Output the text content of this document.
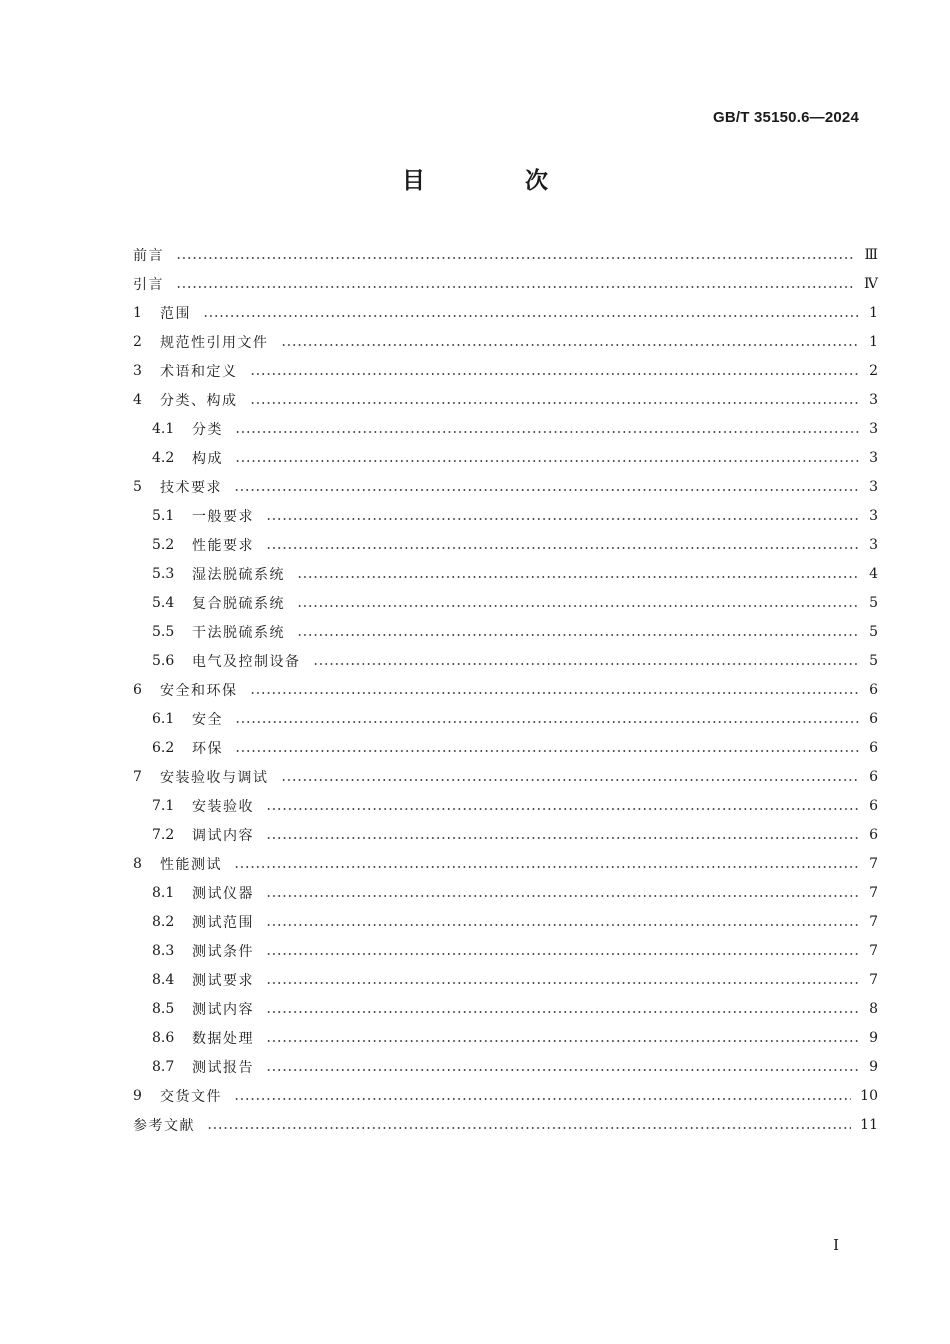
GB/T 35150.6—2024
目 次
前言	Ⅲ
引言	Ⅳ
1	范围	1
2	规范性引用文件	1
3	术语和定义	2
4	分类、构成	3
4.1	分类	3
4.2	构成	3
5	技术要求	3
5.1	一般要求	3
5.2	性能要求	3
5.3	湿法脱硫系统	4
5.4	复合脱硫系统	5
5.5	干法脱硫系统	5
5.6	电气及控制设备	5
6	安全和环保	6
6.1	安全	6
6.2	环保	6
7	安装验收与调试	6
7.1	安装验收	6
7.2	调试内容	6
8	性能测试	7
8.1	测试仪器	7
8.2	测试范围	7
8.3	测试条件	7
8.4	测试要求	7
8.5	测试内容	8
8.6	数据处理	9
8.7	测试报告	9
9	交货文件	10
参考文献	11
Ⅰ
